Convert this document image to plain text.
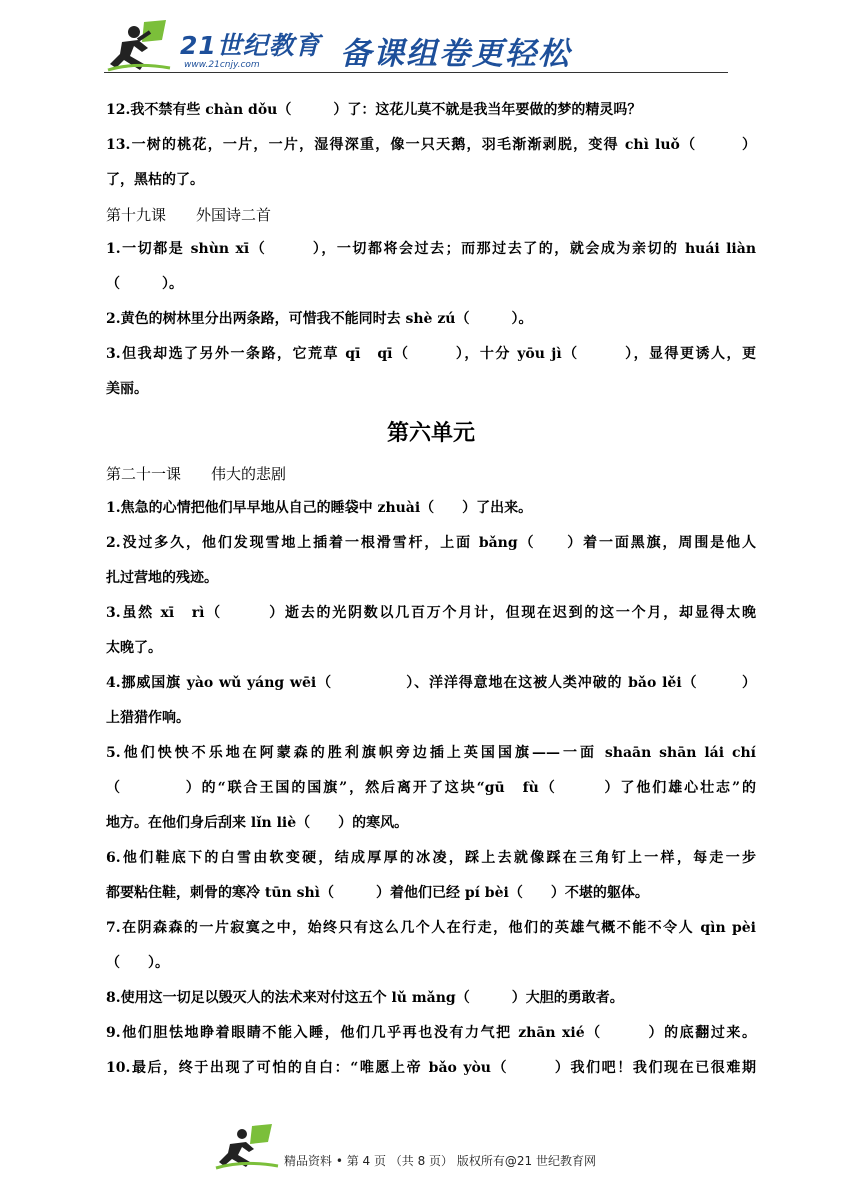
21世纪教育
www.21cnjy.com	备课组卷更轻松
12.我不禁有些 chàn dǒu（　　　）了：这花儿莫不就是我当年要做的梦的精灵吗？
13.一树的桃花，一片，一片，湿得深重，像一只天鹅，羽毛渐渐剥脱，变得 chì luǒ（　　　）
了，黑枯的了。
第十九课　　外国诗二首
1.一切都是 shùn xī（　　　），一切都将会过去；而那过去了的，就会成为亲切的 huái liàn
（　　　）。
2.黄色的树林里分出两条路，可惜我不能同时去 shè zú（　　　）。
3.但我却选了另外一条路，它荒草 qī　qī（　　　），十分 yōu jì（　　　），显得更诱人，更
美丽。
第六单元
第二十一课　　伟大的悲剧
1.焦急的心情把他们早早地从自己的睡袋中 zhuài（　　）了出来。
2.没过多久，他们发现雪地上插着一根滑雪杆，上面 bǎng（　　）着一面黑旗，周围是他人
扎过营地的残迹。
3.虽然 xī　rì（　　　）逝去的光阴数以几百万个月计，但现在迟到的这一个月，却显得太晚
太晚了。
4.挪威国旗 yào wǔ yáng wēi（　　　　　）、洋洋得意地在这被人类冲破的 bǎo lěi（　　　）
上猎猎作响。
5.他们怏怏不乐地在阿蒙森的胜利旗帜旁边插上英国国旗——一面 shaān shān lái chí
（　　　　）的“联合王国的国旗”，然后离开了这块“gū　fù（　　　）了他们雄心壮志”的
地方。在他们身后刮来 lǐn liè（　　）的寒风。
6.他们鞋底下的白雪由软变硬，结成厚厚的冰凌，踩上去就像踩在三角钉上一样，每走一步
都要粘住鞋，刺骨的寒冷 tūn shì（　　　）着他们已经 pí bèi（　　）不堪的躯体。
7.在阴森森的一片寂寞之中，始终只有这么几个人在行走，他们的英雄气概不能不令人 qìn pèi
（　　）。
8.使用这一切足以毁灭人的法术来对付这五个 lǔ mǎng（　　　）大胆的勇敢者。
9.他们胆怯地睁着眼睛不能入睡，他们几乎再也没有力气把 zhān xié（　　　）的底翻过来。
10.最后，终于出现了可怕的自白：“唯愿上帝 bǎo yòu（　　　）我们吧！我们现在已很难期
精品资料 • 第 4 页 （共 8 页） 版权所有@21 世纪教育网
